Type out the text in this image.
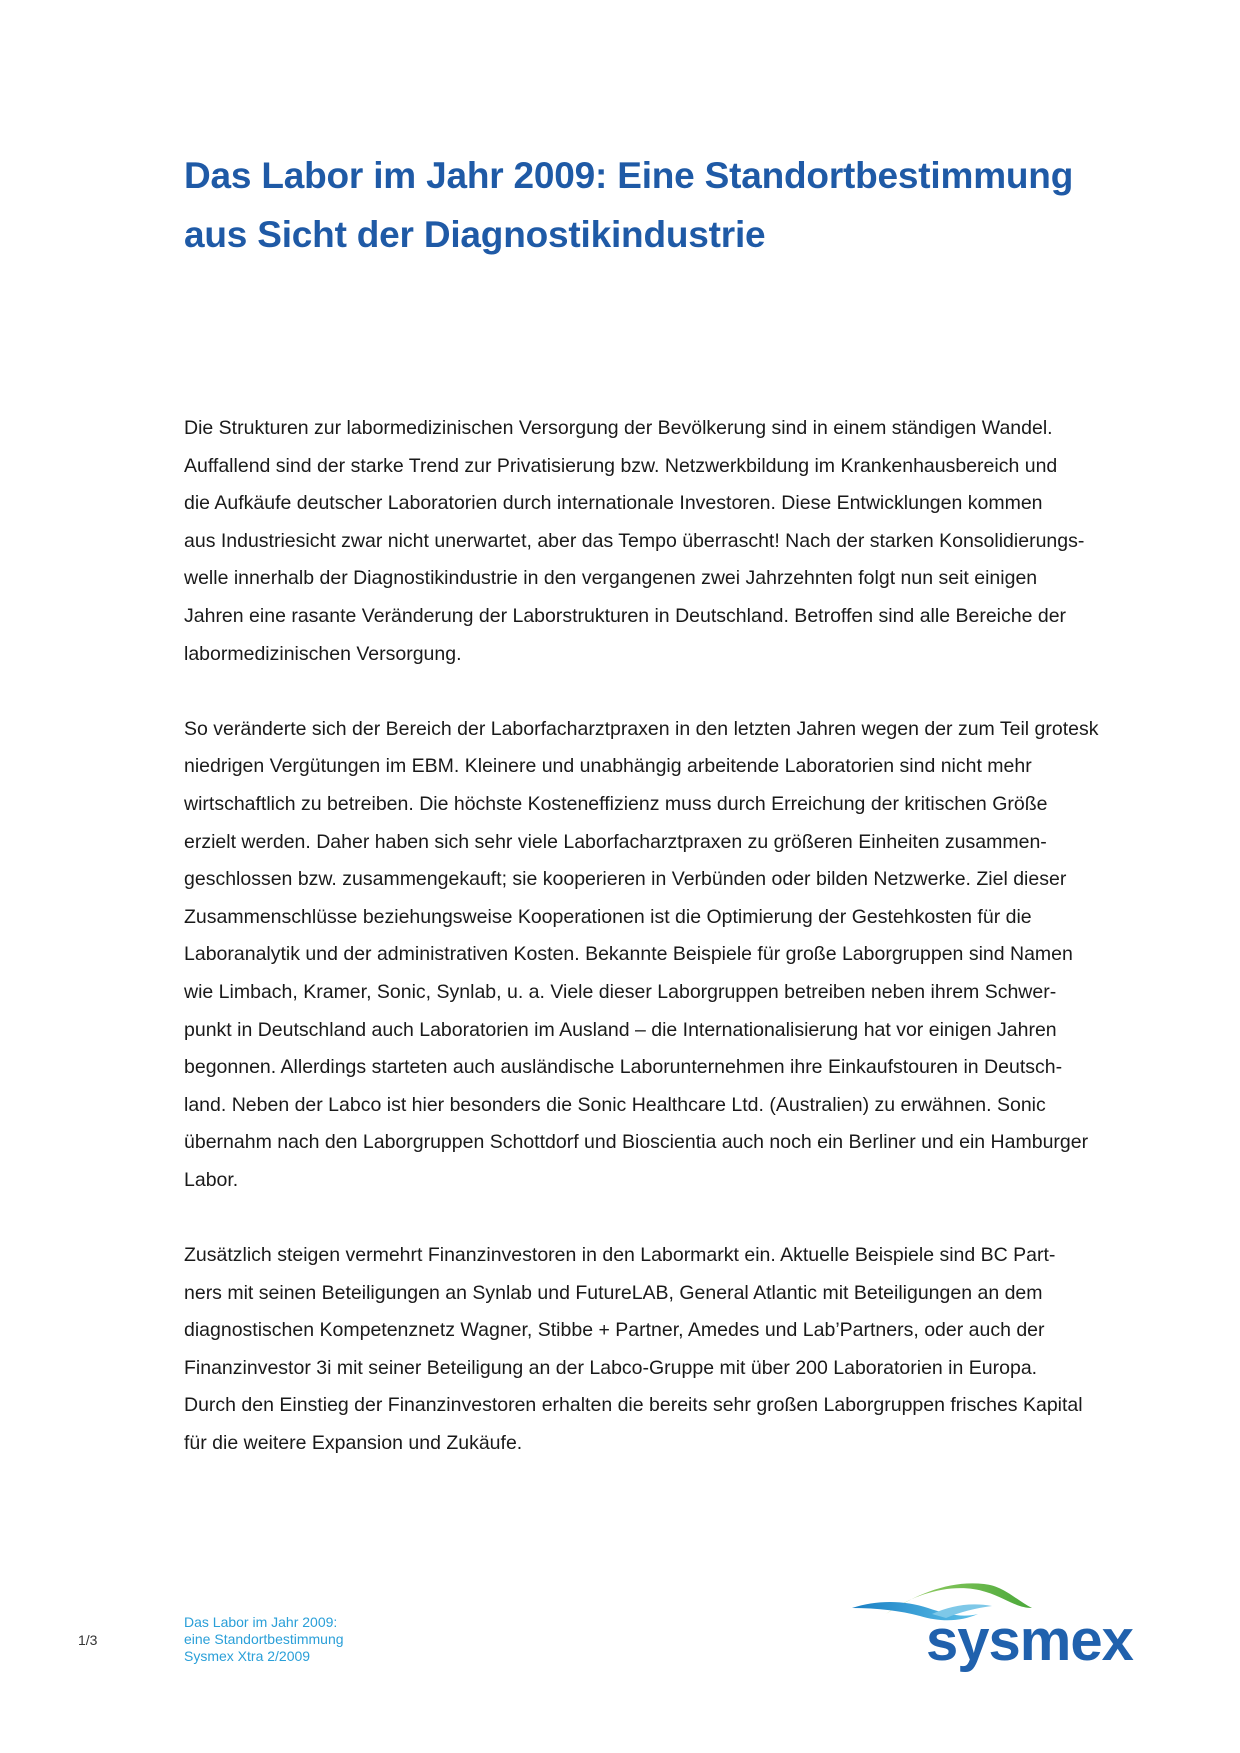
Das Labor im Jahr 2009: Eine Standortbestimmung
aus Sicht der Diagnostikindustrie

Die Strukturen zur labormedizinischen Versorgung der Bevölkerung sind in einem ständigen Wandel.
Auffallend sind der starke Trend zur Privatisierung bzw. Netzwerkbildung im Krankenhausbereich und
die Aufkäufe deutscher Laboratorien durch internationale Investoren. Diese Entwicklungen kommen
aus Industriesicht zwar nicht unerwartet, aber das Tempo überrascht! Nach der starken Konsolidierungs-
welle innerhalb der Diagnostikindustrie in den vergangenen zwei Jahrzehnten folgt nun seit einigen
Jahren eine rasante Veränderung der Laborstrukturen in Deutschland. Betroffen sind alle Bereiche der
labormedizinischen Versorgung.

So veränderte sich der Bereich der Laborfacharztpraxen in den letzten Jahren wegen der zum Teil grotesk
niedrigen Vergütungen im EBM. Kleinere und unabhängig arbeitende Laboratorien sind nicht mehr
wirtschaftlich zu betreiben. Die höchste Kosteneffizienz muss durch Erreichung der kritischen Größe
erzielt werden. Daher haben sich sehr viele Laborfacharztpraxen zu größeren Einheiten zusammen-
geschlossen bzw. zusammengekauft; sie kooperieren in Verbünden oder bilden Netzwerke. Ziel dieser
Zusammenschlüsse beziehungsweise Kooperationen ist die Optimierung der Gestehkosten für die
Laboranalytik und der administrativen Kosten. Bekannte Beispiele für große Laborgruppen sind Namen
wie Limbach, Kramer, Sonic, Synlab, u. a. Viele dieser Laborgruppen betreiben neben ihrem Schwer-
punkt in Deutschland auch Laboratorien im Ausland – die Internationalisierung hat vor einigen Jahren
begonnen. Allerdings starteten auch ausländische Laborunternehmen ihre Einkaufstouren in Deutsch-
land. Neben der Labco ist hier besonders die Sonic Healthcare Ltd. (Australien) zu erwähnen. Sonic
übernahm nach den Laborgruppen Schottdorf und Bioscientia auch noch ein Berliner und ein Hamburger
Labor.

Zusätzlich steigen vermehrt Finanzinvestoren in den Labormarkt ein. Aktuelle Beispiele sind BC Part-
ners mit seinen Beteiligungen an Synlab und FutureLAB, General Atlantic mit Beteiligungen an dem
diagnostischen Kompetenznetz Wagner, Stibbe + Partner, Amedes und Lab’Partners, oder auch der
Finanzinvestor 3i mit seiner Beteiligung an der Labco-Gruppe mit über 200 Laboratorien in Europa.
Durch den Einstieg der Finanzinvestoren erhalten die bereits sehr großen Laborgruppen frisches Kapital
für die weitere Expansion und Zukäufe.

1/3
Das Labor im Jahr 2009:
eine Standortbestimmung
Sysmex Xtra 2/2009	sysmex
